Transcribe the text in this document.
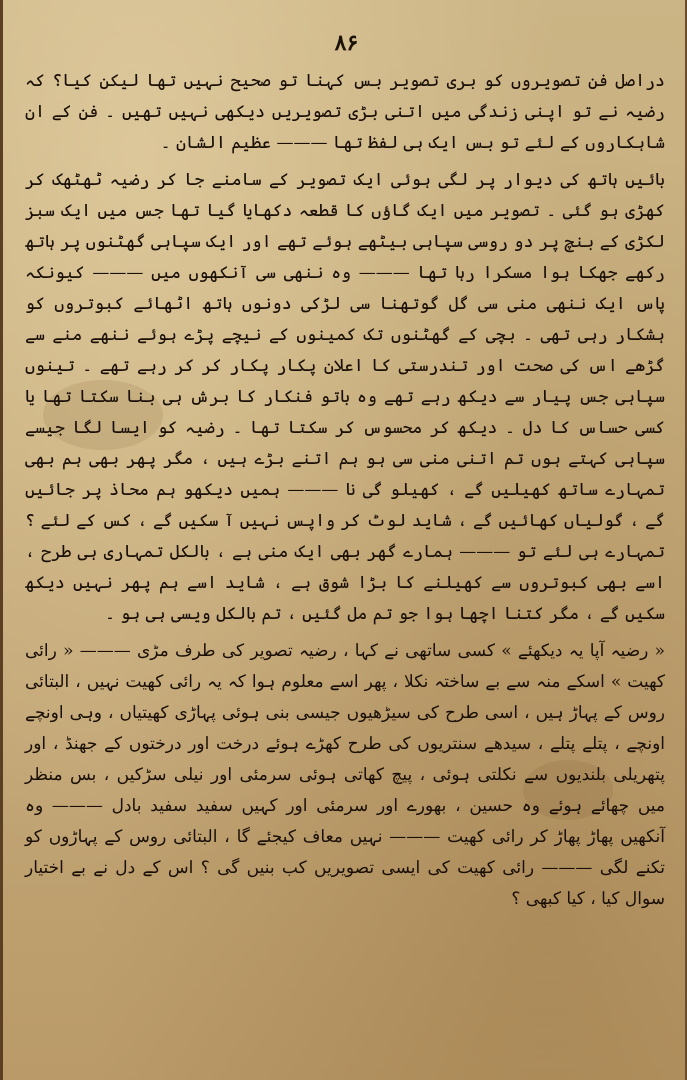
۸۶

دراصل فن تصویروں کو بری تصویر بس کہنا تو صحیح نہیں تھا لیکن کیا؟ کہ رضیہ نے تو اپنی زندگی میں اتنی بڑی تصویریں دیکھی نہیں تھیں ۔ فن کے ان شاہکاروں کے لئے تو بس ایک ہی لفظ تھا ——— عظیم الشان ۔

بائیں ہاتھ کی دیوار پر لگی ہوئی ایک تصویر کے سامنے جا کر رضیہ ٹھٹھک کر کھڑی ہو گئی ۔ تصویر میں ایک گاؤں کا قطعہ دکھایا گیا تھا جس میں ایک سبز لکڑی کے بنچ پر دو روسی سپاہی بیٹھے ہوئے تھے اور ایک سپاہی گھٹنوں پر ہاتھ رکھے جھکا ہوا مسکرا رہا تھا ——— وہ ننھی سی آنکھوں میں ——— کیونکہ پاس ایک ننھی منی سی گل گوتھنا سی لڑکی دونوں ہاتھ اٹھائے کبوتروں کو ہشکار رہی تھی ۔ بچی کے گھٹنوں تک کمینوں کے نیچے پڑے ہوئے ننھے منے سے گڑھے اس کی صحت اور تندرستی کا اعلان پکار پکار کر کر رہے تھے ۔ تینوں سپاہی جس پیار سے دیکھ رہے تھے وہ باتو فنکار کا برش ہی بنا سکتا تھا یا کسی حساس کا دل ۔ دیکھ کر محسوس کر سکتا تھا ۔ رضیہ کو ایسا لگا جیسے سپاہی کہتے ہوں تم اتنی منی سی ہو ہم اتنے بڑے ہیں ، مگر پھر بھی ہم بھی تمہارے ساتھ کھیلیں گے ، کھیلو گی نا ——— ہمیں دیکھو ہم محاذ پر جائیں گے ، گولیاں کھائیں گے ، شاید لوٹ کر واپس نہیں آ سکیں گے ، کس کے لئے ؟ تمہارے ہی لئے تو ——— ہمارے گھر بھی ایک منی ہے ، بالکل تمہاری ہی طرح ، اسے بھی کبوتروں سے کھیلنے کا بڑا شوق ہے ، شاید اسے ہم پھر نہیں دیکھ سکیں گے ، مگر کتنا اچھا ہوا جو تم مل گئیں ، تم بالکل ویسی ہی ہو ۔

« رضیہ آپا یہ دیکھئے » کسی ساتھی نے کہا ، رضیہ تصویر کی طرف مڑی ——— « رائی کھیت » اسکے منہ سے بے ساختہ نکلا ، پھر اسے معلوم ہوا کہ یہ رائی کھیت نہیں ، البتائی روس کے پہاڑ ہیں ، اسی طرح کی سیڑھیوں جیسی بنی ہوئی پہاڑی کھیتیاں ، وہی اونچے اونچے ، پتلے پتلے ، سیدھے سنتریوں کی طرح کھڑے ہوئے درخت اور درختوں کے جھنڈ ، اور پتھریلی بلندیوں سے نکلتی ہوئی ، پیچ کھاتی ہوئی سرمئی اور نیلی سڑکیں ، بس منظر میں چھائے ہوئے وہ حسین ، بھورے اور سرمئی اور کہیں سفید سفید بادل ——— وہ آنکھیں پھاڑ پھاڑ کر رائی کھیت ——— نہیں معاف کیجئے گا ، البتائی روس کے پہاڑوں کو تکنے لگی ——— رائی کھیت کی ایسی تصویریں کب بنیں گی ؟ اس کے دل نے بے اختیار سوال کیا ، کیا کبھی ؟
